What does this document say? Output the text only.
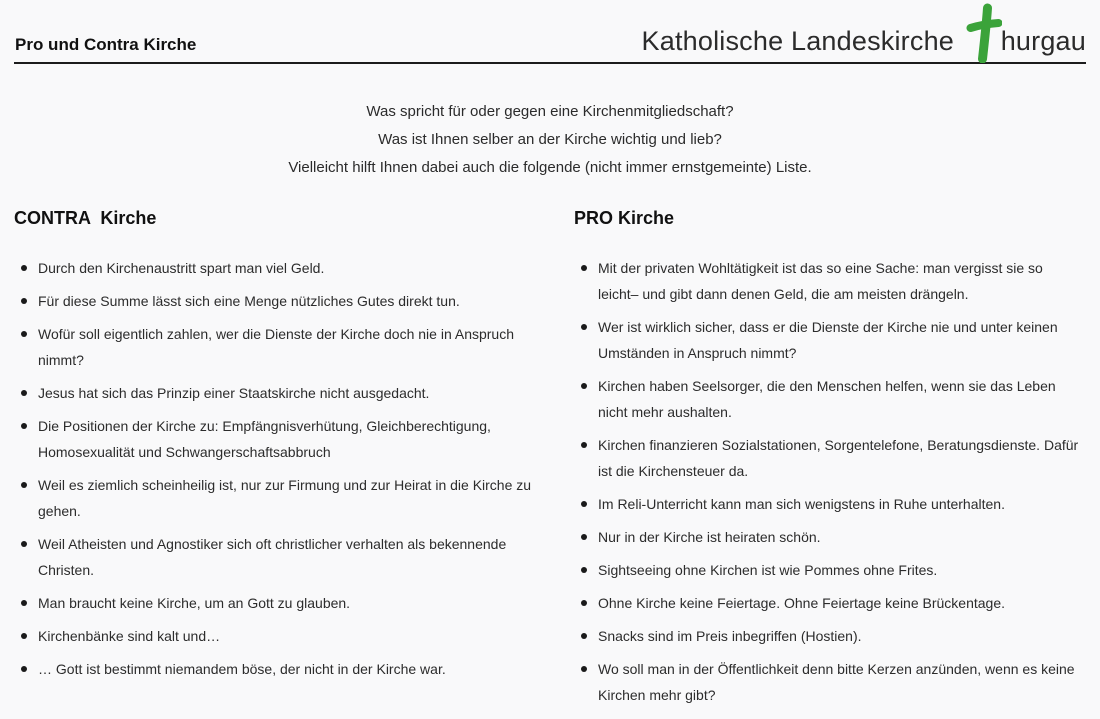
Pro und Contra Kirche	Katholische Landeskirche hurgau
Was spricht für oder gegen eine Kirchenmitgliedschaft?
Was ist Ihnen selber an der Kirche wichtig und lieb?
Vielleicht hilft Ihnen dabei auch die folgende (nicht immer ernstgemeinte) Liste.
CONTRA  Kirche
Durch den Kirchenaustritt spart man viel Geld.
Für diese Summe lässt sich eine Menge nützliches Gutes direkt tun.
Wofür soll eigentlich zahlen, wer die Dienste der Kirche doch nie in Anspruch nimmt?
Jesus hat sich das Prinzip einer Staatskirche nicht ausgedacht.
Die Positionen der Kirche zu: Empfängnisverhütung, Gleichberechtigung, Homosexualität und Schwangerschaftsabbruch
Weil es ziemlich scheinheilig ist, nur zur Firmung und zur Heirat in die Kirche zu gehen.
Weil Atheisten und Agnostiker sich oft christlicher verhalten als bekennende Christen.
Man braucht keine Kirche, um an Gott zu glauben.
Kirchenbänke sind kalt und…
… Gott ist bestimmt niemandem böse, der nicht in der Kirche war.
PRO Kirche
Mit der privaten Wohltätigkeit ist das so eine Sache: man vergisst sie so leicht– und gibt dann denen Geld, die am meisten drängeln.
Wer ist wirklich sicher, dass er die Dienste der Kirche nie und unter keinen Umständen in Anspruch nimmt?
Kirchen haben Seelsorger, die den Menschen helfen, wenn sie das Leben nicht mehr aushalten.
Kirchen finanzieren Sozialstationen, Sorgentelefone, Beratungsdienste. Dafür ist die Kirchensteuer da.
Im Reli-Unterricht kann man sich wenigstens in Ruhe unterhalten.
Nur in der Kirche ist heiraten schön.
Sightseeing ohne Kirchen ist wie Pommes ohne Frites.
Ohne Kirche keine Feiertage. Ohne Feiertage keine Brückentage.
Snacks sind im Preis inbegriffen (Hostien).
Wo soll man in der Öffentlichkeit denn bitte Kerzen anzünden, wenn es keine Kirchen mehr gibt?
